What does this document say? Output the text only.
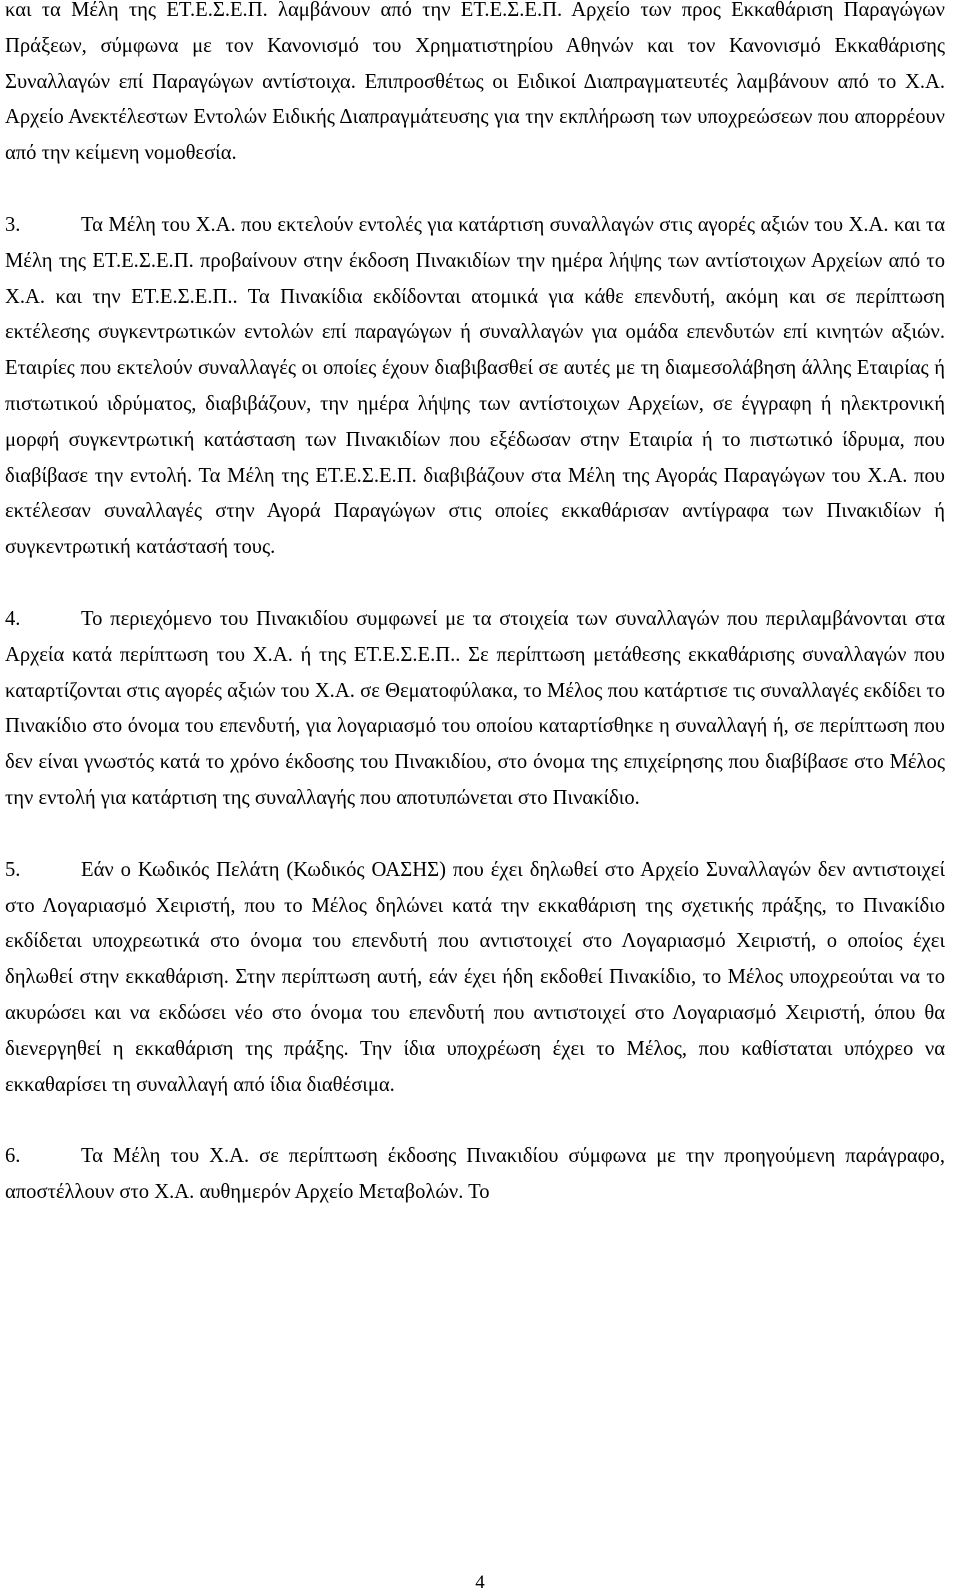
και τα Μέλη της ΕΤ.Ε.Σ.Ε.Π. λαμβάνουν από την ΕΤ.Ε.Σ.Ε.Π. Αρχείο των προς Εκκαθάριση Παραγώγων Πράξεων, σύμφωνα με τον Κανονισμό του Χρηματιστηρίου Αθηνών και τον Κανονισμό Εκκαθάρισης Συναλλαγών επί Παραγώγων αντίστοιχα. Επιπροσθέτως οι Ειδικοί Διαπραγματευτές λαμβάνουν από το Χ.Α. Αρχείο Ανεκτέλεστων Εντολών Ειδικής Διαπραγμάτευσης για την εκπλήρωση των υποχρεώσεων που απορρέουν από την κείμενη νομοθεσία.

3.	Τα Μέλη του Χ.Α. που εκτελούν εντολές για κατάρτιση συναλλαγών στις αγορές αξιών του Χ.Α. και τα Μέλη της ΕΤ.Ε.Σ.Ε.Π. προβαίνουν στην έκδοση Πινακιδίων την ημέρα λήψης των αντίστοιχων Αρχείων από το Χ.Α. και την ΕΤ.Ε.Σ.Ε.Π.. Τα Πινακίδια εκδίδονται ατομικά για κάθε επενδυτή, ακόμη και σε περίπτωση εκτέλεσης συγκεντρωτικών εντολών επί παραγώγων ή συναλλαγών για ομάδα επενδυτών επί κινητών αξιών. Εταιρίες που εκτελούν συναλλαγές οι οποίες έχουν διαβιβασθεί σε αυτές με τη διαμεσολάβηση άλλης Εταιρίας ή πιστωτικού ιδρύματος, διαβιβάζουν, την ημέρα λήψης των αντίστοιχων Αρχείων, σε έγγραφη ή ηλεκτρονική μορφή συγκεντρωτική κατάσταση των Πινακιδίων που εξέδωσαν στην Εταιρία ή το πιστωτικό ίδρυμα, που διαβίβασε την εντολή. Τα Μέλη της ΕΤ.Ε.Σ.Ε.Π. διαβιβάζουν στα Μέλη της Αγοράς Παραγώγων του Χ.Α. που εκτέλεσαν συναλλαγές στην Αγορά Παραγώγων στις οποίες εκκαθάρισαν αντίγραφα των Πινακιδίων ή συγκεντρωτική κατάστασή τους.

4.	Το περιεχόμενο του Πινακιδίου συμφωνεί με τα στοιχεία των συναλλαγών που περιλαμβάνονται στα Αρχεία κατά περίπτωση του Χ.Α. ή της ΕΤ.Ε.Σ.Ε.Π.. Σε περίπτωση μετάθεσης εκκαθάρισης συναλλαγών που καταρτίζονται στις αγορές αξιών του Χ.Α. σε Θεματοφύλακα, το Μέλος που κατάρτισε τις συναλλαγές εκδίδει το Πινακίδιο στο όνομα του επενδυτή, για λογαριασμό του οποίου καταρτίσθηκε η συναλλαγή ή, σε περίπτωση που δεν είναι γνωστός κατά το χρόνο έκδοσης του Πινακιδίου, στο όνομα της επιχείρησης που διαβίβασε στο Μέλος την εντολή για κατάρτιση της συναλλαγής που αποτυπώνεται στο Πινακίδιο.

5.	Εάν ο Κωδικός Πελάτη (Κωδικός ΟΑΣΗΣ) που έχει δηλωθεί στο Αρχείο Συναλλαγών δεν αντιστοιχεί στο Λογαριασμό Χειριστή, που το Μέλος δηλώνει κατά την εκκαθάριση της σχετικής πράξης, το Πινακίδιο εκδίδεται υποχρεωτικά στο όνομα του επενδυτή που αντιστοιχεί στο Λογαριασμό Χειριστή, ο οποίος έχει δηλωθεί στην εκκαθάριση. Στην περίπτωση αυτή, εάν έχει ήδη εκδοθεί Πινακίδιο, το Μέλος υποχρεούται να το ακυρώσει και να εκδώσει νέο στο όνομα του επενδυτή που αντιστοιχεί στο Λογαριασμό Χειριστή, όπου θα διενεργηθεί η εκκαθάριση της πράξης. Την ίδια υποχρέωση έχει το Μέλος, που καθίσταται υπόχρεο να εκκαθαρίσει τη συναλλαγή από ίδια διαθέσιμα.

6.	Τα Μέλη του Χ.Α. σε περίπτωση έκδοσης Πινακιδίου σύμφωνα με την προηγούμενη παράγραφο, αποστέλλουν στο Χ.Α. αυθημερόν Αρχείο Μεταβολών. Το

4
